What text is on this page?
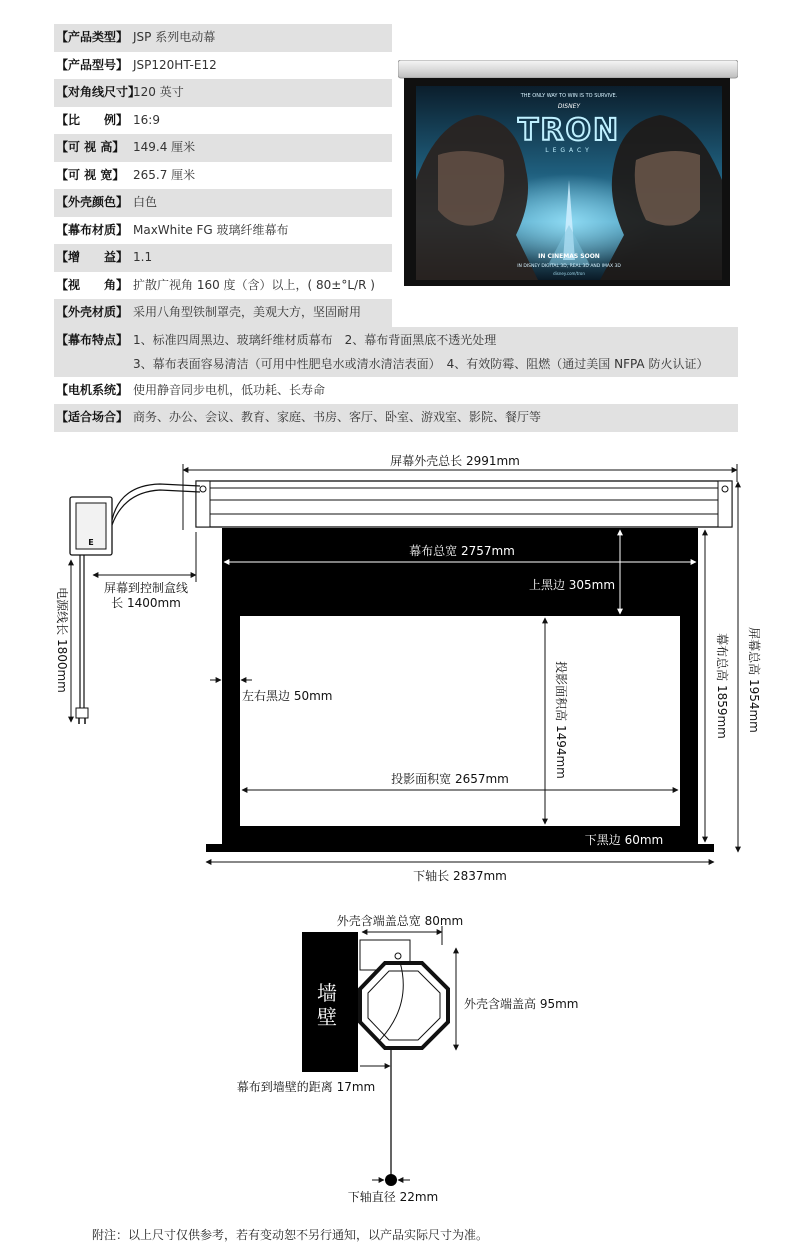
【产品类型】 JSP 系列电动幕
【产品型号】 JSP120HT-E12
【对角线尺寸】
120 英寸
【比　　例】 16:9
【可 视 高】 149.4 厘米
【可 视 宽】 265.7 厘米
【外壳颜色】 白色
【幕布材质】 MaxWhite FG 玻璃纤维幕布
【增　　益】 1.1
【视　　角】 扩散广视角 160 度（含）以上，( 80±°L/R )
【外壳材质】 采用八角型铁制罩壳，美观大方，坚固耐用
【幕布特点】 1、标准四周黑边、玻璃纤维材质幕布　2、幕布背面黑底不透光处理
3、幕布表面容易清洁（可用中性肥皂水或清水清洁表面）　4、有效防霉、阻燃（通过美国 NFPA 防火认证）
【电机系统】 使用静音同步电机，低功耗、长寿命
【适合场合】 商务、办公、会议、教育、家庭、书房、客厅、卧室、游戏室、影院、餐厅等
THE ONLY WAY TO WIN IS TO SURVIVE.
DISNEY
TRON
LEGACY
IN CINEMAS SOON
IN DISNEY DIGITAL 3D, REAL 3D AND IMAX 3D
disney.com/tron
E
屏幕外壳总长 2991mm
屏幕到控制盒线
长 1400mm
电源线长 1800mm
幕布总宽 2757mm
上黑边 305mm
左右黑边 50mm
投影面积宽 2657mm
投影面积高 1494mm	幕布总高 1859mm 屏幕总高 1954mm
下黑边 60mm
下轴长 2837mm
墙
壁
外壳含端盖总宽 80mm
外壳含端盖高 95mm
幕布到墙壁的距离 17mm
下轴直径 22mm
附注：以上尺寸仅供参考，若有变动恕不另行通知，以产品实际尺寸为准。
